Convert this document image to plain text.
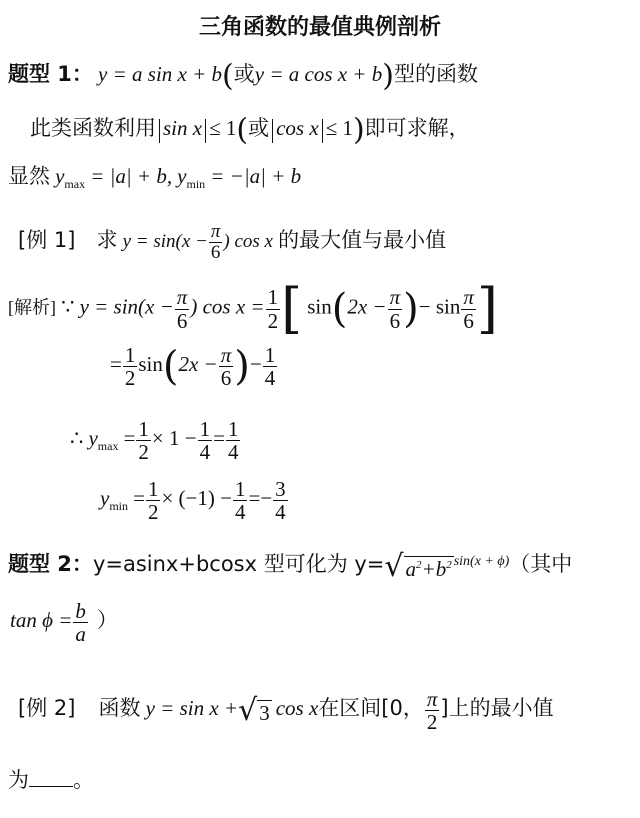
三角函数的最值典例剖析
题型 1： y = a sin x + b(或y = a cos x + b)型的函数
此类函数利用 sin x ≤ 1(或 cos x ≤ 1)即可求解，
显然 $y_{max} = |a| + b$, $y_{min} = -|a| + b$
[例 1] 求 $y = \sin(x - \frac{\pi}{6}$ ) cos x 的最大值与最小值
[解析] ∵ $y = \sin(x - \frac{\pi}{6}$ ) $\cos x = \frac{1}{2}$ [ $\sin(2x - \frac{\pi}{6}$ )− $\sin \frac{\pi}{6}$ ]
= $\frac{1}{2} \sin(2x - \frac{\pi}{6}$ )− $\frac{1}{4}$
∴ $y_{max} = \frac{1}{2} \times 1 - \frac{1}{4} = \frac{1}{4}$
$y_{min} = \frac{1}{2} \times (-1) - \frac{1}{4} =- \frac{3}{4}$
题型 2：y=asinx+bcosx 型可化为 y= √ $a^2+b^2$ sin(x + ϕ)（其中
$\tan \phi = \frac{b}{a}$ ）
[例 2] 函数 y = sin x + √ 3 cos x在区间[0， $\frac{\pi}{2}$ ]上的最小值
为 。
